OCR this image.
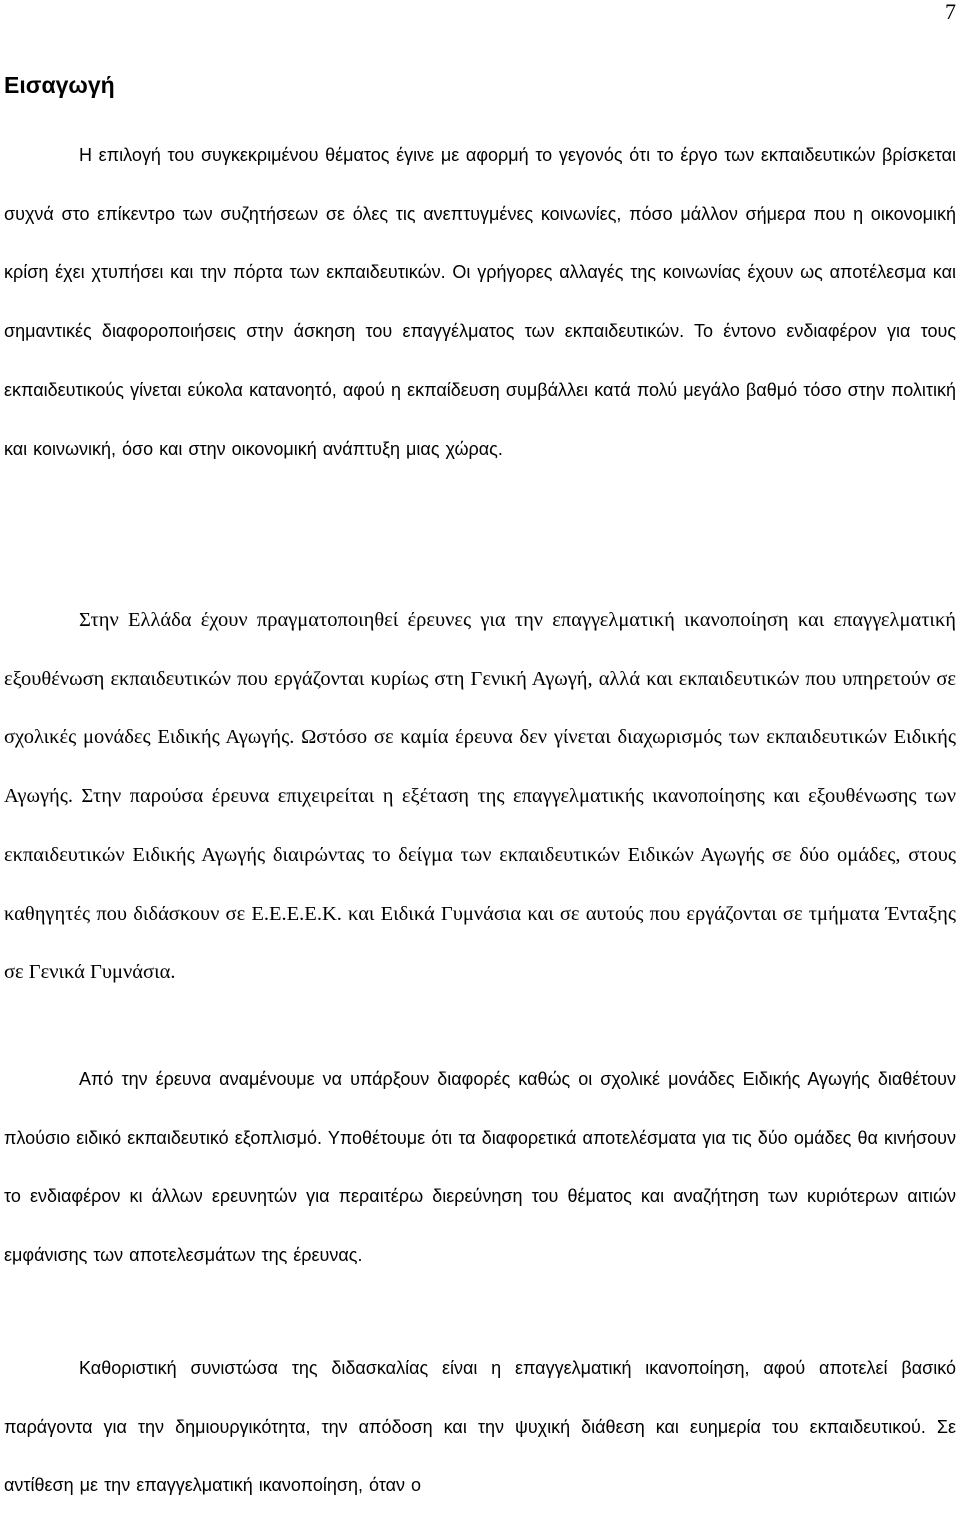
7
Εισαγωγή

Η επιλογή του συγκεκριμένου θέματος έγινε με αφορμή το γεγονός ότι το έργο των εκπαιδευτικών βρίσκεται συχνά στο επίκεντρο των συζητήσεων σε όλες τις ανεπτυγμένες κοινωνίες, πόσο μάλλον σήμερα που η οικονομική κρίση έχει χτυπήσει και την πόρτα των εκπαιδευτικών. Οι γρήγορες αλλαγές της κοινωνίας έχουν ως αποτέλεσμα και σημαντικές διαφοροποιήσεις στην άσκηση του επαγγέλματος των εκπαιδευτικών. Το έντονο ενδιαφέρον για τους εκπαιδευτικούς γίνεται εύκολα κατανοητό, αφού η εκπαίδευση συμβάλλει κατά πολύ μεγάλο βαθμό τόσο στην πολιτική και κοινωνική, όσο και στην οικονομική ανάπτυξη μιας χώρας.

Στην Ελλάδα έχουν πραγματοποιηθεί έρευνες για την επαγγελματική ικανοποίηση και επαγγελματική εξουθένωση εκπαιδευτικών που εργάζονται κυρίως στη Γενική Αγωγή, αλλά και εκπαιδευτικών που υπηρετούν σε σχολικές μονάδες Ειδικής Αγωγής. Ωστόσο σε καμία έρευνα δεν γίνεται διαχωρισμός των εκπαιδευτικών Ειδικής Αγωγής. Στην παρούσα έρευνα επιχειρείται η εξέταση της επαγγελματικής ικανοποίησης και εξουθένωσης των εκπαιδευτικών Ειδικής Αγωγής διαιρώντας το δείγμα των εκπαιδευτικών Ειδικών Αγωγής σε δύο ομάδες, στους καθηγητές που διδάσκουν σε Ε.Ε.Ε.Ε.Κ. και Ειδικά Γυμνάσια και σε αυτούς που εργάζονται σε τμήματα Ένταξης σε Γενικά Γυμνάσια.

Από την έρευνα αναμένουμε να υπάρξουν διαφορές καθώς οι σχολικέ μονάδες Ειδικής Αγωγής διαθέτουν πλούσιο ειδικό εκπαιδευτικό εξοπλισμό. Υποθέτουμε ότι τα διαφορετικά αποτελέσματα για τις δύο ομάδες θα κινήσουν το ενδιαφέρον κι άλλων ερευνητών για περαιτέρω διερεύνηση του θέματος και αναζήτηση των κυριότερων αιτιών εμφάνισης των αποτελεσμάτων της έρευνας.

Καθοριστική συνιστώσα της διδασκαλίας είναι η επαγγελματική ικανοποίηση, αφού αποτελεί βασικό παράγοντα για την δημιουργικότητα, την απόδοση και την ψυχική διάθεση και ευημερία του εκπαιδευτικού. Σε αντίθεση με την επαγγελματική ικανοποίηση, όταν ο
